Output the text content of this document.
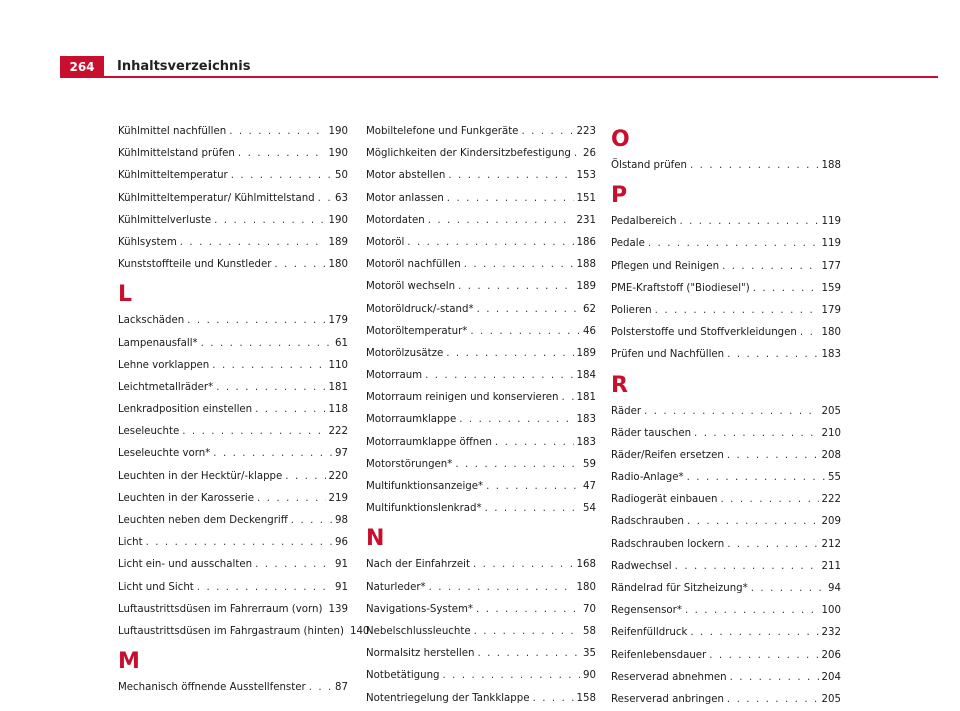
264	Inhaltsverzeichnis
Kühlmittel nachfüllen . . .	190
Kühlmittelstand prüfen . . .	190
Kühlmitteltemperatur . . .	50
Kühlmitteltemperatur/ Kühlmittelstand . . . 63
Kühlmittelverluste . . .	190
Kühlsystem . . .	189
Kunststoffteile und Kunstleder . . .	180
L
Lackschäden . . .	179
Lampenausfall* . . .	61
Lehne vorklappen . . .	110
Leichtmetallräder* . . .	181
Lenkradposition einstellen . . .	118
Leseleuchte . . .	222
Leseleuchte vorn* . . .	97
Leuchten in der Hecktür/-klappe . . .	220
Leuchten in der Karosserie . . .	219
Leuchten neben dem Deckengriff . . .	98
Licht . . .	96
Licht ein- und ausschalten . . .	91
Licht und Sicht . . .	91
Luftaustrittsdüsen im Fahrerraum (vorn) . . . 139
Luftaustrittsdüsen im Fahrgastraum (hinten) 140
M
Mechanisch öffnende Ausstellfenster . . .	87
Mobiltelefone und Funkgeräte . . .	223
Möglichkeiten der Kindersitzbefestigung . . . 26
Motor abstellen . . .	153
Motor anlassen . . .	151
Motordaten . . .	231
Motoröl . . .	186
Motoröl nachfüllen . . .	188
Motoröl wechseln . . .	189
Motoröldruck/-stand* . . .	62
Motoröltemperatur* . . .	46
Motorölzusätze . . .	189
Motorraum . . .	184
Motorraum reinigen und konservieren . . . 181
Motorraumklappe . . .	183
Motorraumklappe öffnen . . .	183
Motorstörungen* . . .	59
Multifunktionsanzeige* . . .	47
Multifunktionslenkrad* . . .	54
N
Nach der Einfahrzeit . . .	168
Naturleder* . . .	180
Navigations-System* . . .	70
Nebelschlussleuchte . . .	58
Normalsitz herstellen . . .	35
Notbetätigung . . .	90
Notentriegelung der Tankklappe . . .	158
O
Ölstand prüfen . . .	188
P
Pedalbereich . . .	119
Pedale . . .	119
Pflegen und Reinigen . . .	177
PME-Kraftstoff ("Biodiesel") . . .	159
Polieren . . .	179
Polsterstoffe und Stoffverkleidungen . . . 180
Prüfen und Nachfüllen . . .	183
R
Räder . . .	205
Räder tauschen . . .	210
Räder/Reifen ersetzen . . .	208
Radio-Anlage* . . .	55
Radiogerät einbauen . . .	222
Radschrauben . . .	209
Radschrauben lockern . . .	212
Radwechsel . . .	211
Rändelrad für Sitzheizung* . . .	94
Regensensor* . . .	100
Reifenfülldruck . . .	232
Reifenlebensdauer . . .	206
Reserverad abnehmen . . .	204
Reserverad anbringen . . .	205
